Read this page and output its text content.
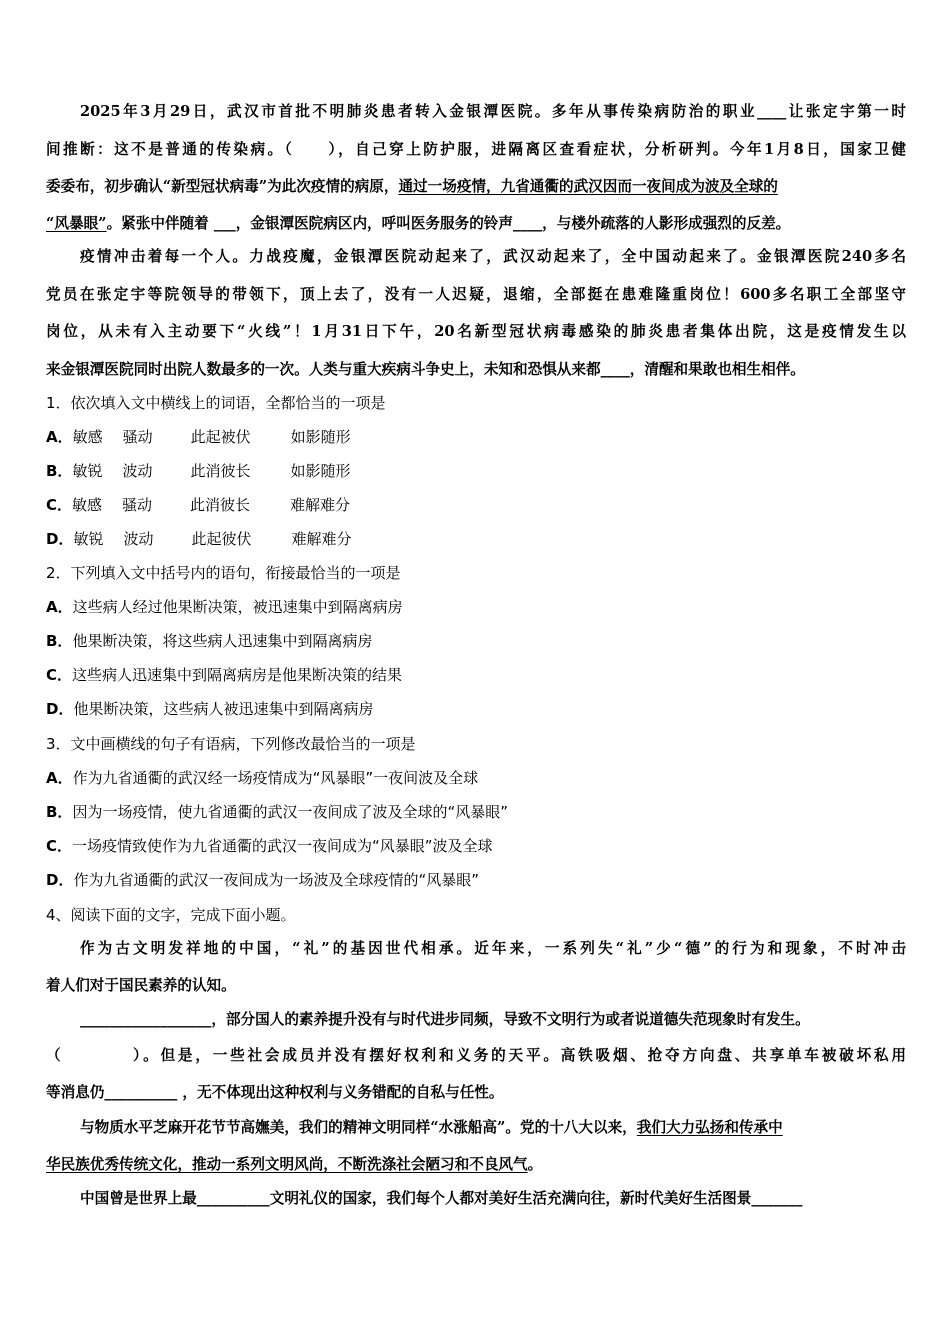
2025年3月29日，武汉市首批不明肺炎患者转入金银潭医院。多年从事传染病防治的职业____让张定宇第一时
间推断：这不是普通的传染病。（　　），自己穿上防护服，进隔离区查看症状，分析研判。今年1月8日，国家卫健
委委布，初步确认“新型冠状病毒”为此次疫情的病原，通过一场疫情，九省通衢的武汉因而一夜间成为波及全球的
“风暴眼”。紧张中伴随着 ___，金银潭医院病区内，呼叫医务服务的铃声____，与楼外疏落的人影形成强烈的反差。
疫情冲击着每一个人。力战疫魔，金银潭医院动起来了，武汉动起来了，全中国动起来了。金银潭医院240多名
党员在张定宇等院领导的带领下，顶上去了，没有一人迟疑，退缩，全部挺在患难隆重岗位！600多名职工全部坚守
岗位，从未有入主动要下“火线”！1月31日下午，20名新型冠状病毒感染的肺炎患者集体出院，这是疫情发生以
来金银潭医院同时出院人数最多的一次。人类与重大疾病斗争史上，未知和恐惧从来都____，清醒和果敢也相生相伴。
1．依次填入文中横线上的词语，全都恰当的一项是
A．敏感 骚动	此起被伏	如影随形
B．敏锐 波动	此消彼长	如影随形
C．敏感 骚动	此消彼长	难解难分
D．敏锐 波动	此起彼伏	难解难分
2．下列填入文中括号内的语句，衔接最恰当的一项是
A．这些病人经过他果断决策，被迅速集中到隔离病房
B．他果断决策，将这些病人迅速集中到隔离病房
C．这些病人迅速集中到隔离病房是他果断决策的结果
D．他果断决策，这些病人被迅速集中到隔离病房
3．文中画横线的句子有语病，下列修改最恰当的一项是
A．作为九省通衢的武汉经一场疫情成为“风暴眼”一夜间波及全球
B．因为一场疫情，使九省通衢的武汉一夜间成了波及全球的“风暴眼”
C．一场疫情致使作为九省通衢的武汉一夜间成为“风暴眼”波及全球
D．作为九省通衢的武汉一夜间成为一场波及全球疫情的“风暴眼”
4、阅读下面的文字，完成下面小题。
作为古文明发祥地的中国，“礼”的基因世代相承。近年来，一系列失“礼”少“德”的行为和现象，不时冲击
着人们对于国民素养的认知。
__________________，部分国人的素养提升没有与时代进步同频，导致不文明行为或者说道德失范现象时有发生。
（　　　　）。但是，一些社会成员并没有摆好权利和义务的天平。高铁吸烟、抢夺方向盘、共享单车被破坏私用
等消息仍__________ ，无不体现出这种权利与义务错配的自私与任性。
与物质水平芝麻开花节节高嫵美，我们的精神文明同样“水涨船高”。党的十八大以来，我们大力弘扬和传承中
华民族优秀传统文化，推动一系列文明风尚，不断洗涤社会陋习和不良风气。
中国曾是世界上最__________文明礼仪的国家，我们每个人都对美好生活充满向往，新时代美好生活图景_______
